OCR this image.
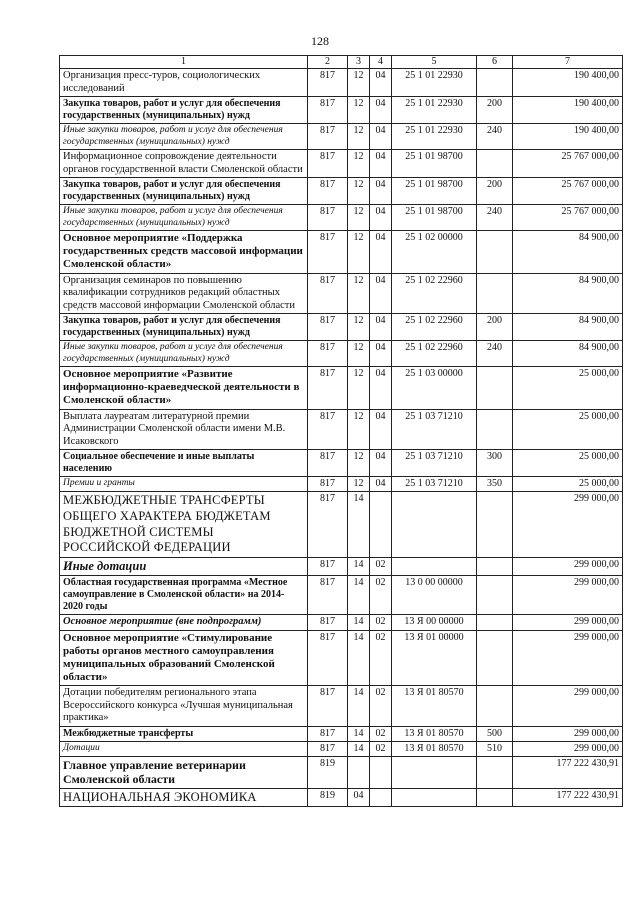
128
1	2	3	4	5	6	7
Организация пресс-туров, социологических исследований	817	12	04	25 1 01 22930		190 400,00
Закупка товаров, работ и услуг для обеспечения государственных (муниципальных) нужд	817	12	04	25 1 01 22930	200	190 400,00
Иные закупки товаров, работ и услуг для обеспечения государственных (муниципальных) нужд	817	12	04	25 1 01 22930	240	190 400,00
Информационное сопровождение деятельности органов государственной власти Смоленской области	817	12	04	25 1 01 98700		25 767 000,00
Закупка товаров, работ и услуг для обеспечения государственных (муниципальных) нужд	817	12	04	25 1 01 98700	200	25 767 000,00
Иные закупки товаров, работ и услуг для обеспечения государственных (муниципальных) нужд	817	12	04	25 1 01 98700	240	25 767 000,00
Основное мероприятие «Поддержка государственных средств массовой информации Смоленской области»	817	12	04	25 1 02 00000		84 900,00
Организация семинаров по повышению квалификации сотрудников редакций областных средств массовой информации Смоленской области	817	12	04	25 1 02 22960		84 900,00
Закупка товаров, работ и услуг для обеспечения государственных (муниципальных) нужд	817	12	04	25 1 02 22960	200	84 900,00
Иные закупки товаров, работ и услуг для обеспечения государственных (муниципальных) нужд	817	12	04	25 1 02 22960	240	84 900,00
Основное мероприятие «Развитие информационно-краеведческой деятельности в Смоленской области»	817	12	04	25 1 03 00000		25 000,00
Выплата лауреатам литературной премии Администрации Смоленской области имени М.В. Исаковского	817	12	04	25 1 03 71210		25 000,00
Социальное обеспечение и иные выплаты населению	817	12	04	25 1 03 71210	300	25 000,00
Премии и гранты	817	12	04	25 1 03 71210	350	25 000,00
МЕЖБЮДЖЕТНЫЕ ТРАНСФЕРТЫ ОБЩЕГО ХАРАКТЕРА БЮДЖЕТАМ БЮДЖЕТНОЙ СИСТЕМЫ РОССИЙСКОЙ ФЕДЕРАЦИИ	817	14				299 000,00
Иные дотации	817	14	02			299 000,00
Областная государственная программа «Местное самоуправление в Смоленской области» на 2014-2020 годы	817	14	02	13 0 00 00000		299 000,00
Основное мероприятие (вне подпрограмм)	817	14	02	13 Я 00 00000		299 000,00
Основное мероприятие «Стимулирование работы органов местного самоуправления муниципальных образований Смоленской области»	817	14	02	13 Я 01 00000		299 000,00
Дотации победителям регионального этапа Всероссийского конкурса «Лучшая муниципальная практика»	817	14	02	13 Я 01 80570		299 000,00
Межбюджетные трансферты	817	14	02	13 Я 01 80570	500	299 000,00
Дотации	817	14	02	13 Я 01 80570	510	299 000,00
Главное управление ветеринарии Смоленской области	819					177 222 430,91
НАЦИОНАЛЬНАЯ ЭКОНОМИКА	819	04				177 222 430,91
